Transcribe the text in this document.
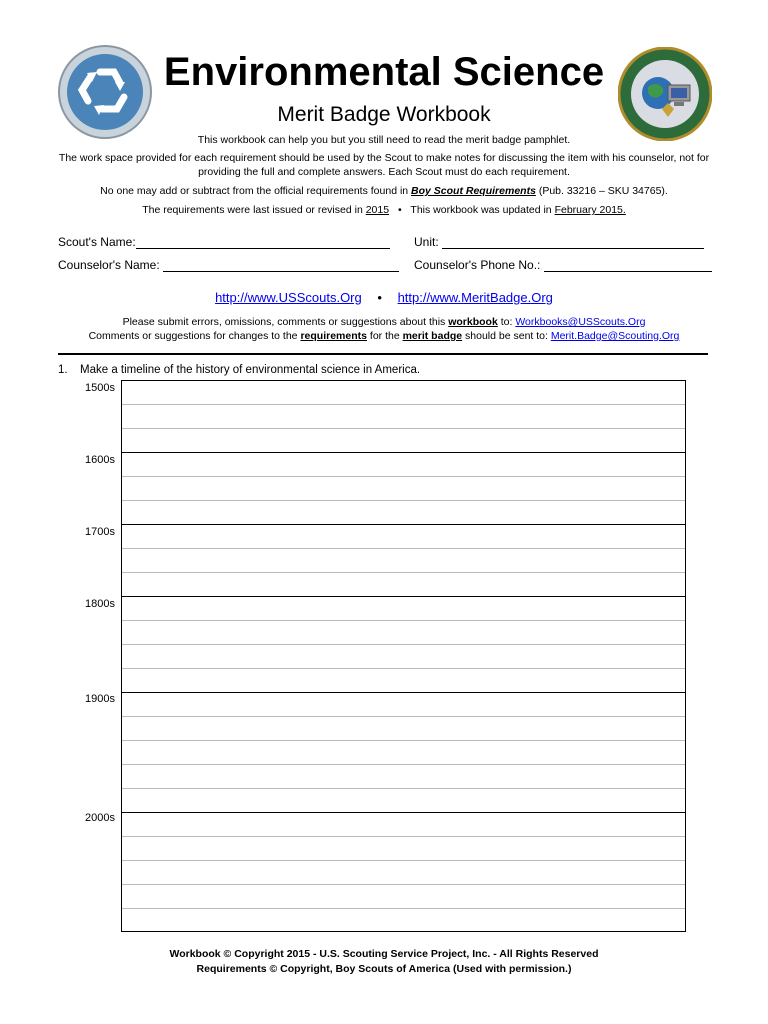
Environmental Science
Merit Badge Workbook
This workbook can help you but you still need to read the merit badge pamphlet.
The work space provided for each requirement should be used by the Scout to make notes for discussing the item with his counselor, not for providing the full and complete answers. Each Scout must do each requirement.
No one may add or subtract from the official requirements found in Boy Scout Requirements (Pub. 33216 – SKU 34765).
The requirements were last issued or revised in 2015 • This workbook was updated in February 2015.
Scout's Name:	Unit:
Counselor's Name:	Counselor's Phone No.:
http://www.USScouts.Org • http://www.MeritBadge.Org
Please submit errors, omissions, comments or suggestions about this workbook to: Workbooks@USScouts.Org
Comments or suggestions for changes to the requirements for the merit badge should be sent to: Merit.Badge@Scouting.Org
1. Make a timeline of the history of environmental science in America.
1500s
1600s
1700s
1800s
1900s
2000s
Workbook © Copyright 2015 - U.S. Scouting Service Project, Inc. - All Rights Reserved
Requirements © Copyright, Boy Scouts of America (Used with permission.)
